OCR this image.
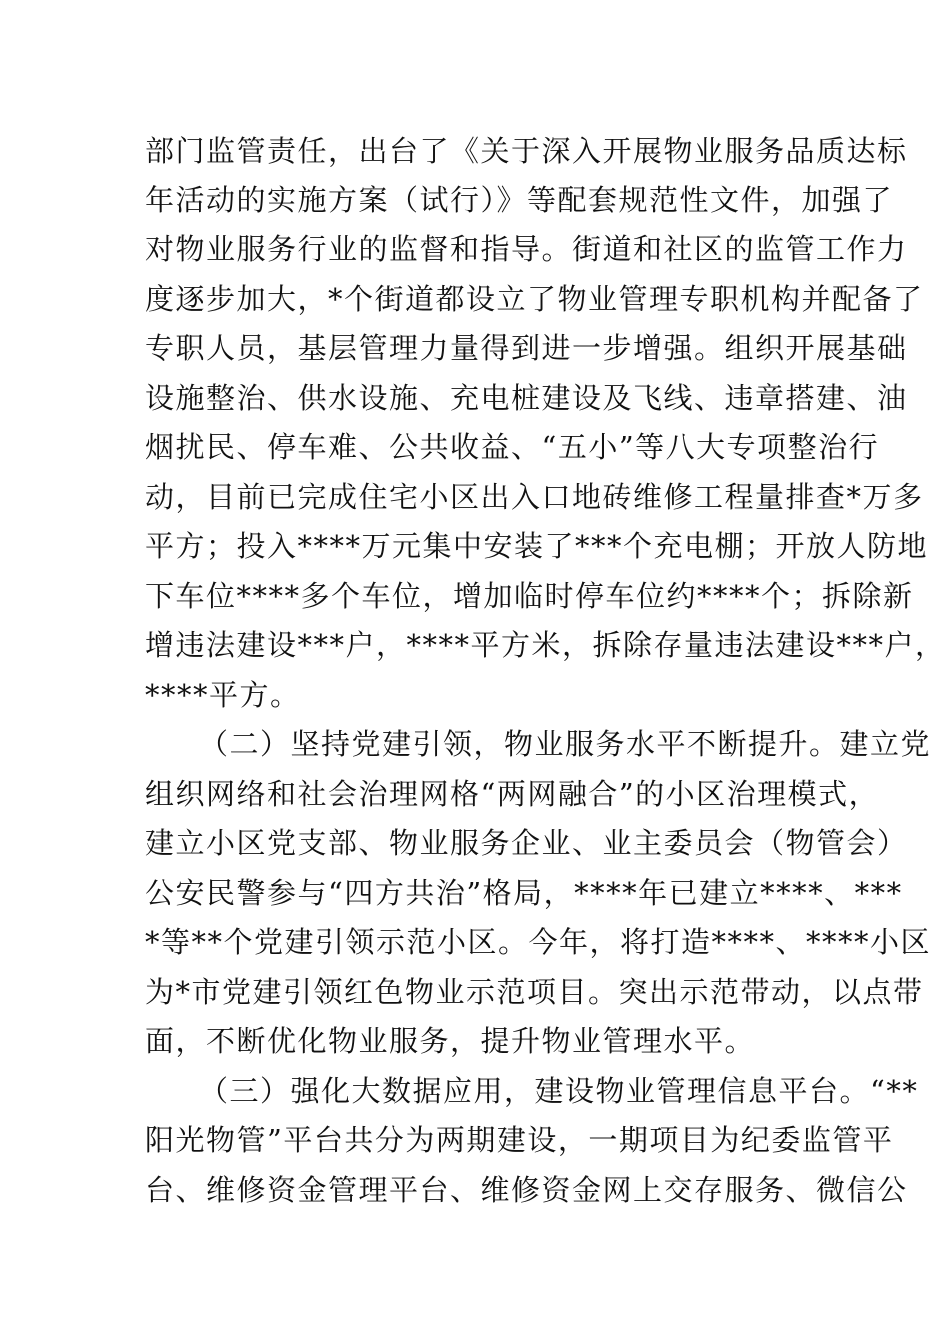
部门监管责任，出台了《关于深入开展物业服务品质达标
年活动的实施方案（试行）》等配套规范性文件，加强了
对物业服务行业的监督和指导。街道和社区的监管工作力
度逐步加大，*个街道都设立了物业管理专职机构并配备了
专职人员，基层管理力量得到进一步增强。组织开展基础
设施整治、供水设施、充电桩建设及飞线、违章搭建、油
烟扰民、停车难、公共收益、“五小”等八大专项整治行
动，目前已完成住宅小区出入口地砖维修工程量排查*万多
平方；投入****万元集中安装了***个充电棚；开放人防地
下车位****多个车位，增加临时停车位约****个；拆除新
增违法建设***户，****平方米，拆除存量违法建设***户，
****平方。
（二）坚持党建引领，物业服务水平不断提升。建立党
组织网络和社会治理网格“两网融合”的小区治理模式，
建立小区党支部、物业服务企业、业主委员会（物管会）
公安民警参与“四方共治”格局，****年已建立****、***
*等**个党建引领示范小区。今年，将打造****、****小区
为*市党建引领红色物业示范项目。突出示范带动，以点带
面，不断优化物业服务，提升物业管理水平。
（三）强化大数据应用，建设物业管理信息平台。“**
阳光物管”平台共分为两期建设，一期项目为纪委监管平
台、维修资金管理平台、维修资金网上交存服务、微信公
